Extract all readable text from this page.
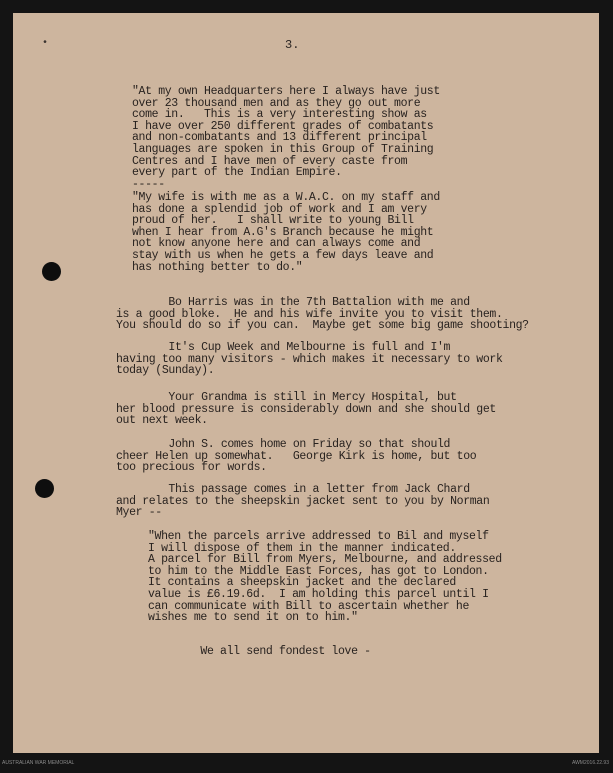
•	3.
"At my own Headquarters here I always have just
over 23 thousand men and as they go out more
come in.   This is a very interesting show as
I have over 250 different grades of combatants
and non-combatants and 13 different principal
languages are spoken in this Group of Training
Centres and I have men of every caste from
every part of the Indian Empire.
-----
"My wife is with me as a W.A.C. on my staff and
has done a splendid job of work and I am very
proud of her.   I shall write to young Bill
when I hear from A.G's Branch because he might
not know anyone here and can always come and
stay with us when he gets a few days leave and
has nothing better to do."
Bo Harris was in the 7th Battalion with me and
is a good bloke.  He and his wife invite you to visit them.
You should do so if you can.  Maybe get some big game shooting?
It's Cup Week and Melbourne is full and I'm
having too many visitors - which makes it necessary to work
today (Sunday).
Your Grandma is still in Mercy Hospital, but
her blood pressure is considerably down and she should get
out next week.
John S. comes home on Friday so that should
cheer Helen up somewhat.   George Kirk is home, but too
too precious for words.
This passage comes in a letter from Jack Chard
and relates to the sheepskin jacket sent to you by Norman
Myer --
"When the parcels arrive addressed to Bil and myself
I will dispose of them in the manner indicated.
A parcel for Bill from Myers, Melbourne, and addressed
to him to the Middle East Forces, has got to London.
It contains a sheepskin jacket and the declared
value is £6.19.6d.  I am holding this parcel until I
can communicate with Bill to ascertain whether he
wishes me to send it on to him."
We all send fondest love -
AUSTRALIAN WAR MEMORIAL	AWM2016.22.93
